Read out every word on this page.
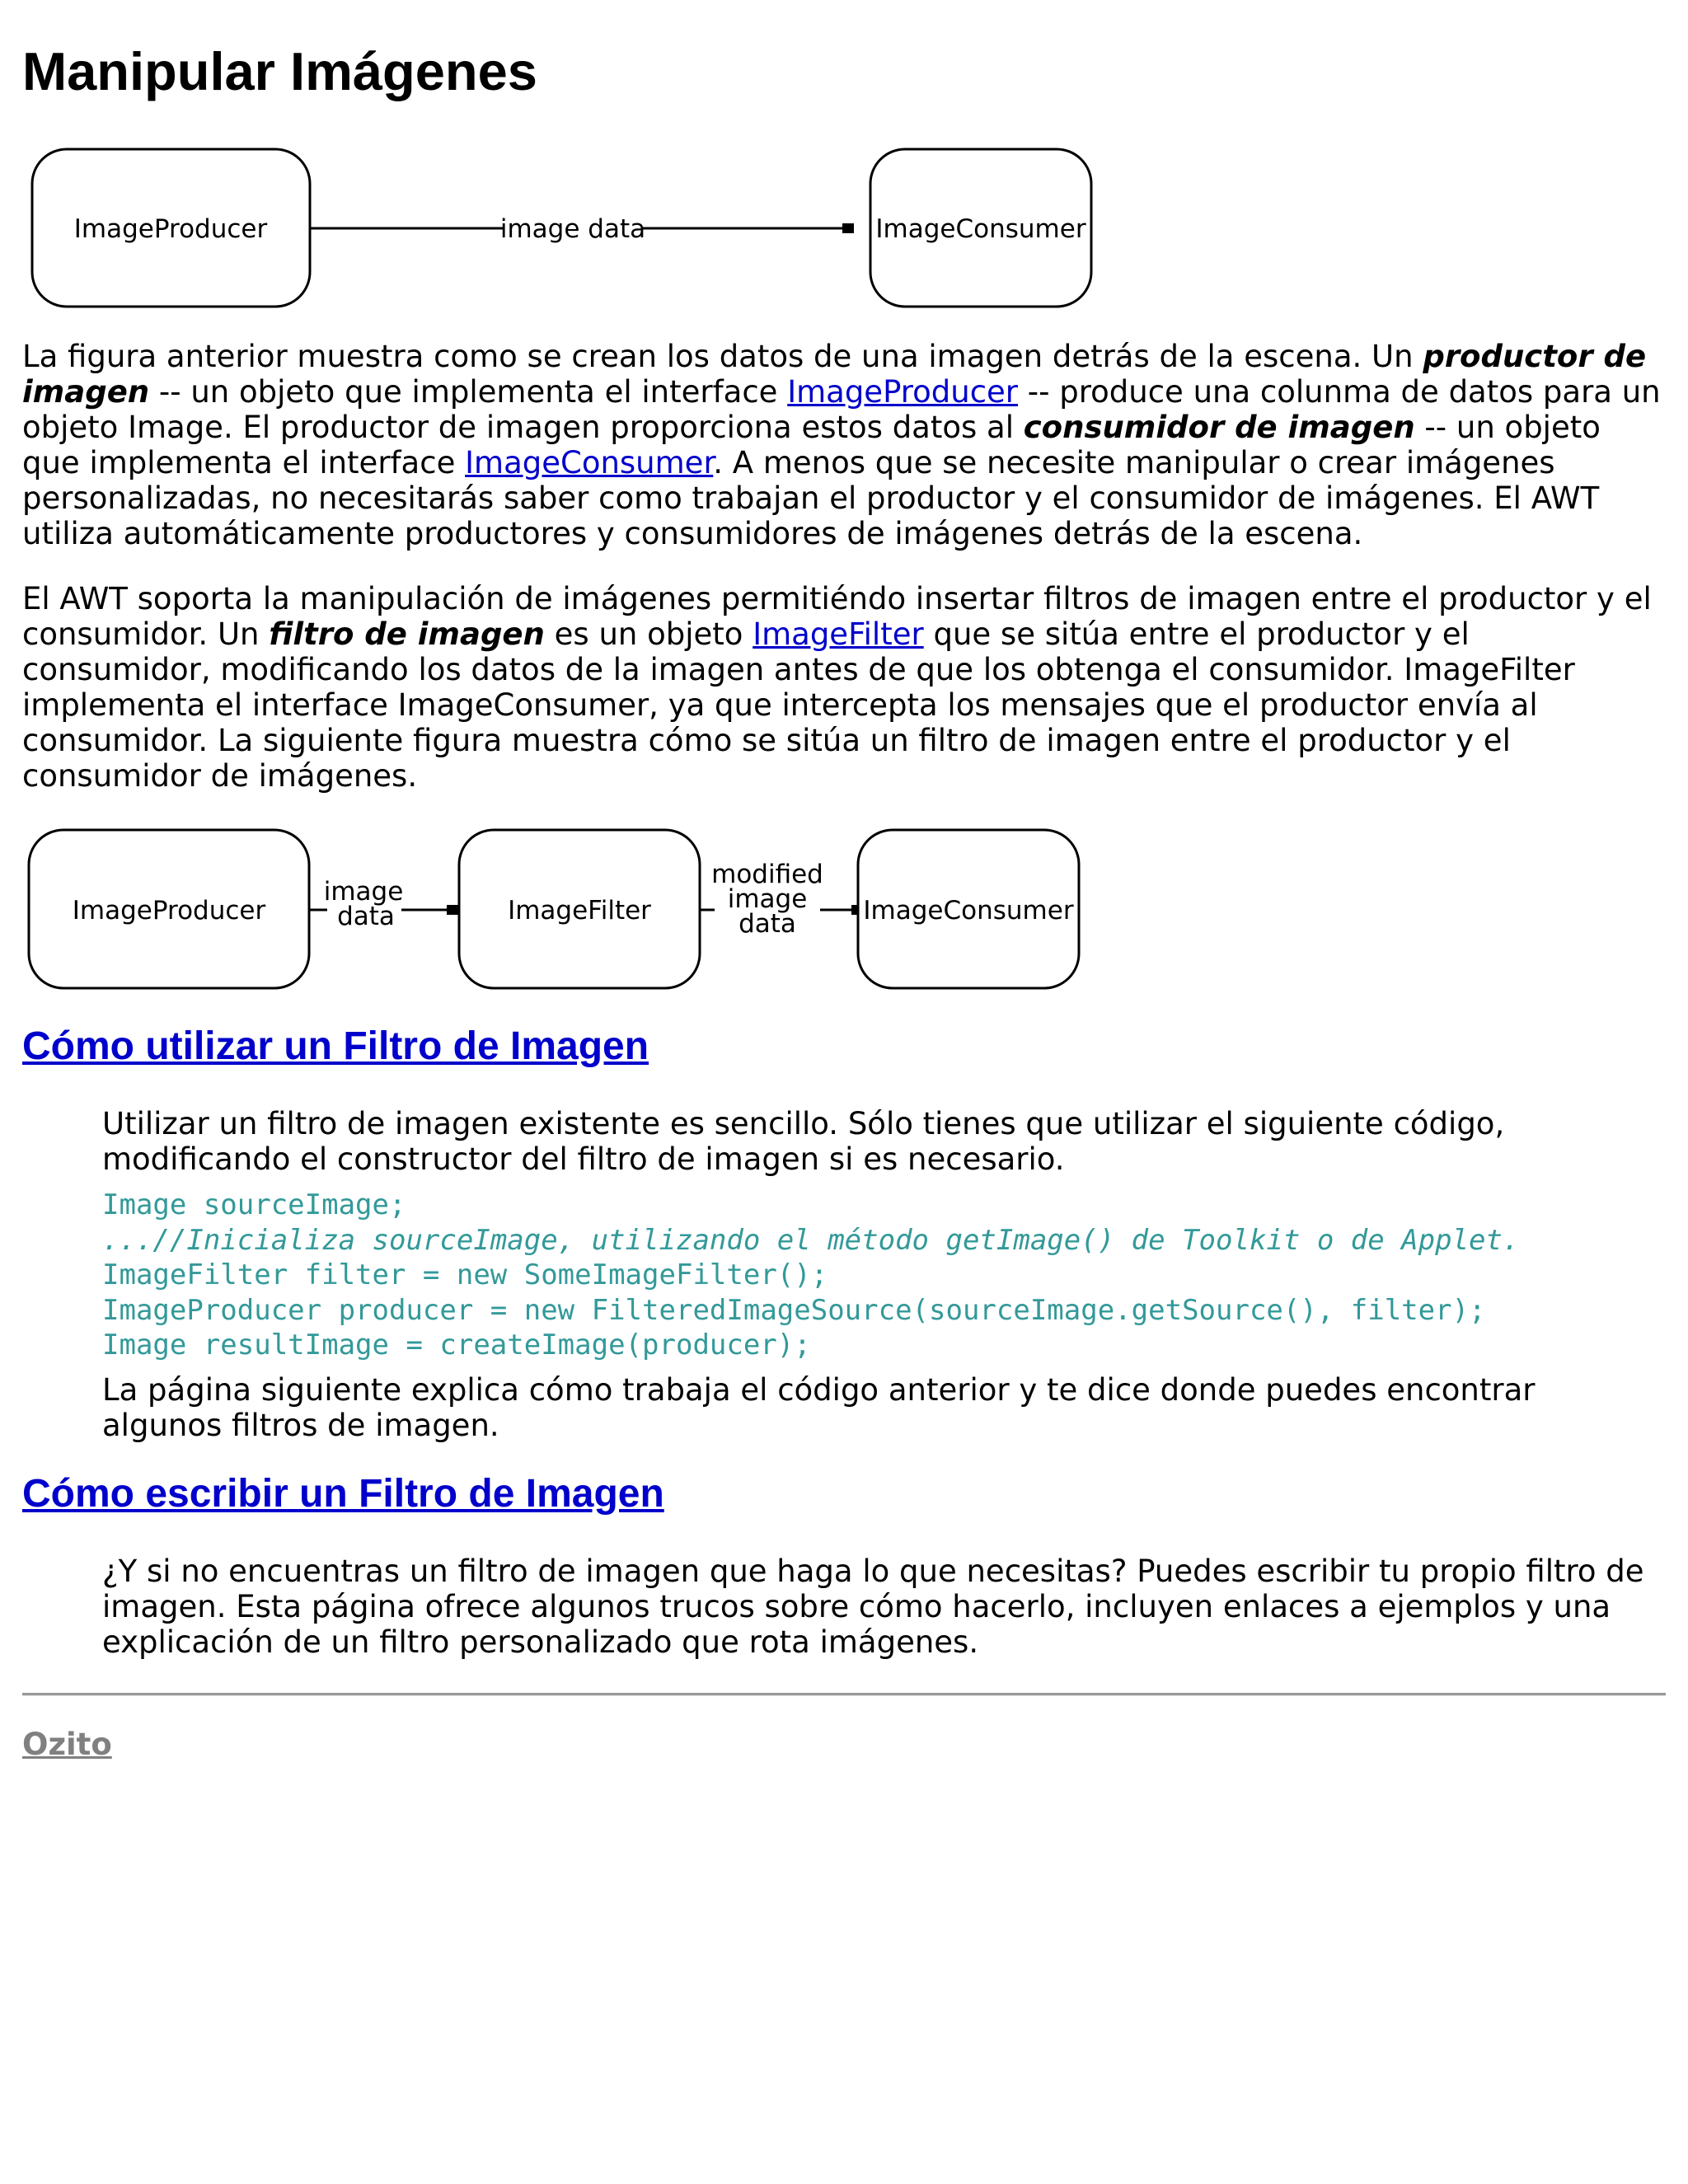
Manipular Imágenes
ImageProducer	image data	ImageConsumer

La figura anterior muestra como se crean los datos de una imagen detrás de la escena. Un productor de imagen -- un objeto que implementa el interface ImageProducer -- produce una colunma de datos para un objeto Image. El productor de imagen proporciona estos datos al consumidor de imagen -- un objeto que implementa el interface ImageConsumer. A menos que se necesite manipular o crear imágenes personalizadas, no necesitarás saber como trabajan el productor y el consumidor de imágenes. El AWT utiliza automáticamente productores y consumidores de imágenes detrás de la escena.

El AWT soporta la manipulación de imágenes permitiéndo insertar filtros de imagen entre el productor y el consumidor. Un filtro de imagen es un objeto ImageFilter que se sitúa entre el productor y el consumidor, modificando los datos de la imagen antes de que los obtenga el consumidor. ImageFilter implementa el interface ImageConsumer, ya que intercepta los mensajes que el productor envía al consumidor. La siguiente figura muestra cómo se sitúa un filtro de imagen entre el productor y el consumidor de imágenes.

ImageProducer
image
data	ImageFilter
modified
image
data	ImageConsumer
Cómo utilizar un Filtro de Imagen

Utilizar un filtro de imagen existente es sencillo. Sólo tienes que utilizar el siguiente código, modificando el constructor del filtro de imagen si es necesario.

Image sourceImage;
...//Inicializa sourceImage, utilizando el método getImage() de Toolkit o de Applet.
ImageFilter filter = new SomeImageFilter();
ImageProducer producer = new FilteredImageSource(sourceImage.getSource(), filter);
Image resultImage = createImage(producer);

La página siguiente explica cómo trabaja el código anterior y te dice donde puedes encontrar algunos filtros de imagen.

Cómo escribir un Filtro de Imagen

¿Y si no encuentras un filtro de imagen que haga lo que necesitas? Puedes escribir tu propio filtro de imagen. Esta página ofrece algunos trucos sobre cómo hacerlo, incluyen enlaces a ejemplos y una explicación de un filtro personalizado que rota imágenes.

Ozito
